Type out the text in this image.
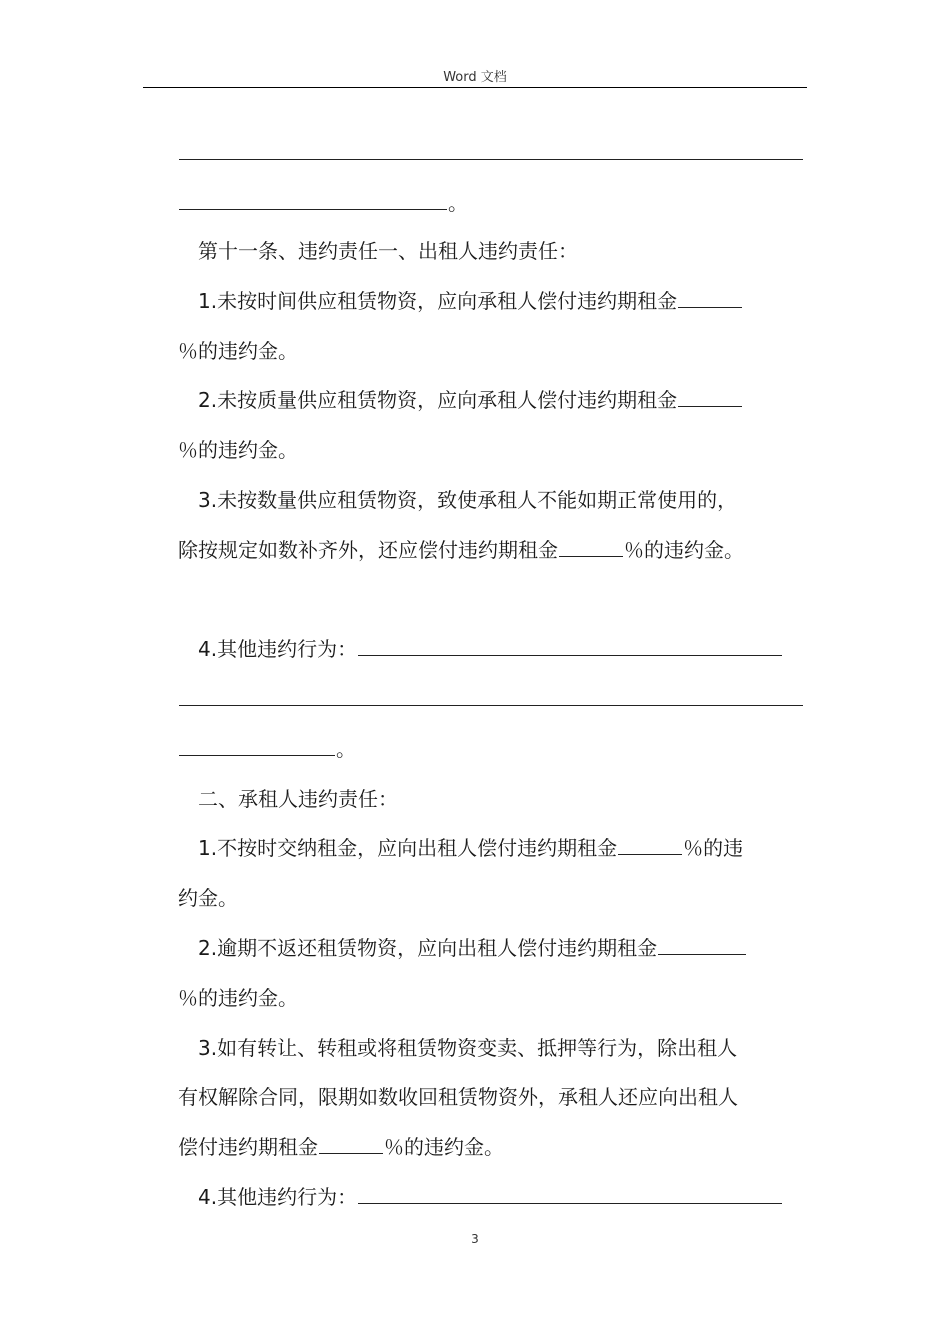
Word 文档
。
第十一条、违约责任一、出租人违约责任：
1.未按时间供应租赁物资，应向承租人偿付违约期租金
％的违约金。
2.未按质量供应租赁物资，应向承租人偿付违约期租金
％的违约金。
3.未按数量供应租赁物资，致使承租人不能如期正常使用的，
除按规定如数补齐外，还应偿付违约期租金	％的违约金。
4.其他违约行为：
。
二、承租人违约责任：
1.不按时交纳租金，应向出租人偿付违约期租金	％的违
约金。
2.逾期不返还租赁物资，应向出租人偿付违约期租金
％的违约金。
3.如有转让、转租或将租赁物资变卖、抵押等行为，除出租人
有权解除合同，限期如数收回租赁物资外，承租人还应向出租人
偿付违约期租金	％的违约金。
4.其他违约行为：
3
